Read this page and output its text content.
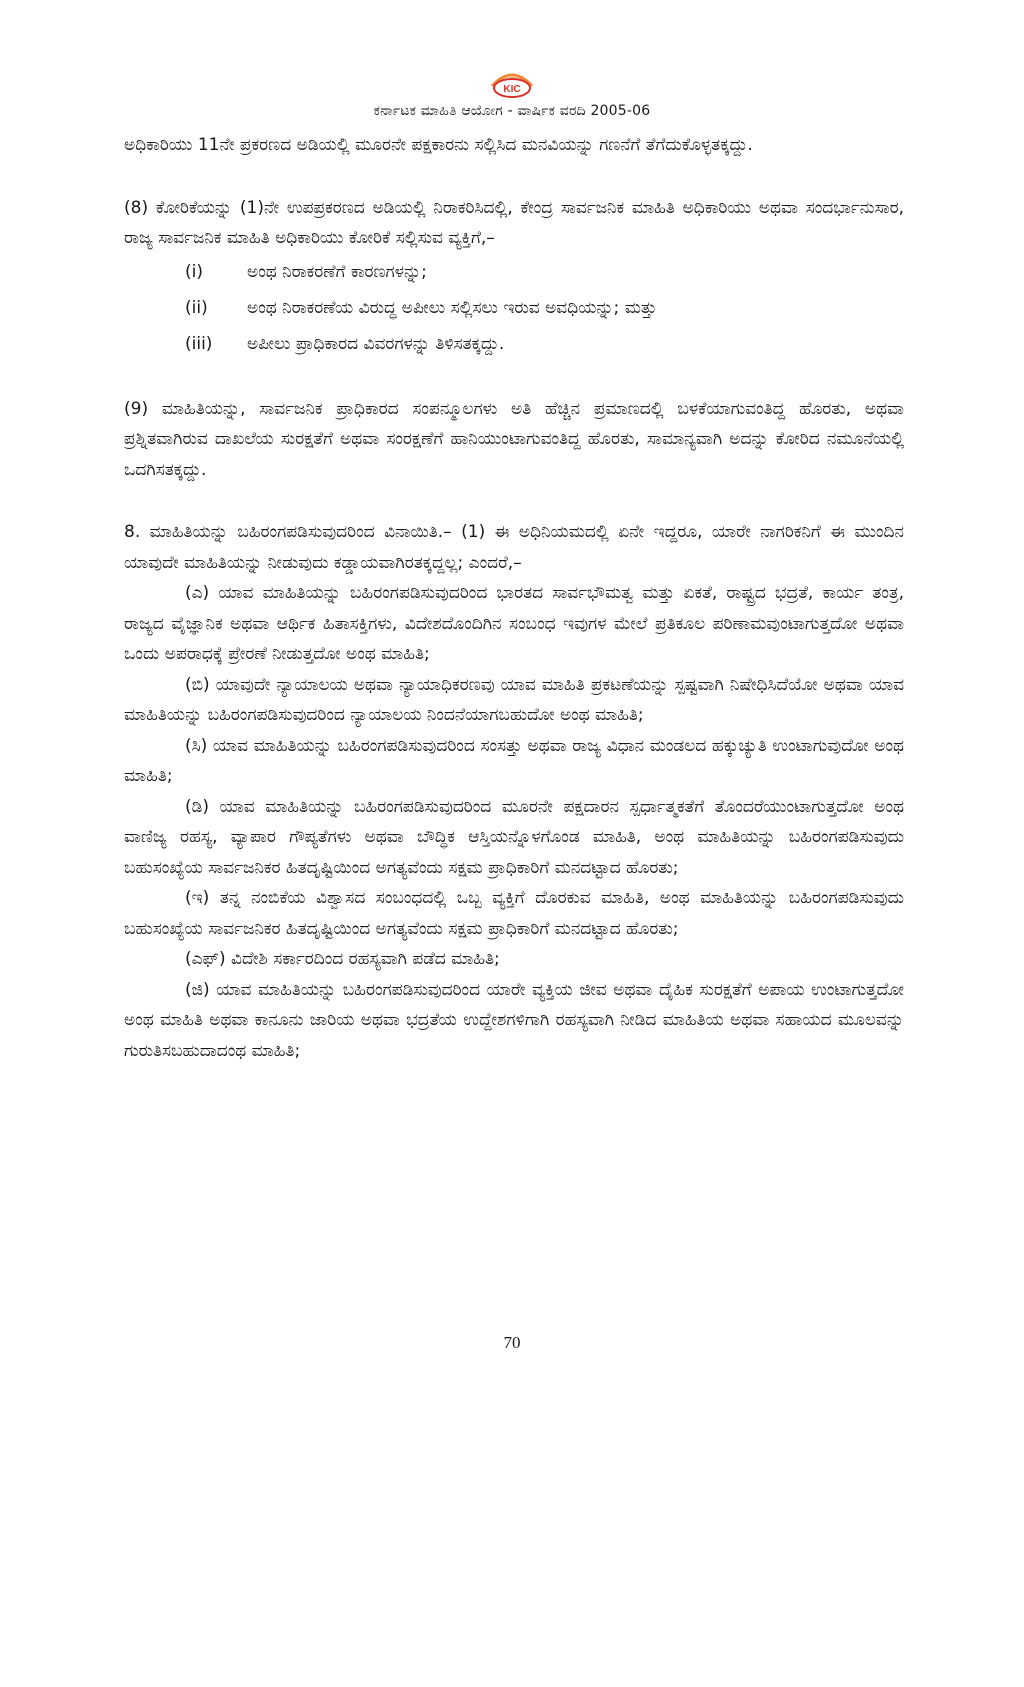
KIC
ಕರ್ನಾಟಕ ಮಾಹಿತಿ ಆಯೋಗ - ವಾರ್ಷಿಕ ವರದಿ 2005-06

ಅಧಿಕಾರಿಯು 11ನೇ ಪ್ರಕರಣದ ಅಡಿಯಲ್ಲಿ ಮೂರನೇ ಪಕ್ಷಕಾರನು ಸಲ್ಲಿಸಿದ ಮನವಿಯನ್ನು ಗಣನೆಗೆ ತೆಗೆದುಕೊಳ್ಳತಕ್ಕದ್ದು.

(8) ಕೋರಿಕೆಯನ್ನು (1)ನೇ ಉಪಪ್ರಕರಣದ ಅಡಿಯಲ್ಲಿ ನಿರಾಕರಿಸಿದಲ್ಲಿ, ಕೇಂದ್ರ ಸಾರ್ವಜನಿಕ ಮಾಹಿತಿ ಅಧಿಕಾರಿಯು ಅಥವಾ ಸಂದರ್ಭಾನುಸಾರ, ರಾಜ್ಯ ಸಾರ್ವಜನಿಕ ಮಾಹಿತಿ ಅಧಿಕಾರಿಯು ಕೋರಿಕೆ ಸಲ್ಲಿಸುವ ವ್ಯಕ್ತಿಗೆ,–

(i)	ಅಂಥ ನಿರಾಕರಣೆಗೆ ಕಾರಣಗಳನ್ನು;
(ii)	ಅಂಥ ನಿರಾಕರಣೆಯ ವಿರುದ್ಧ ಅಪೀಲು ಸಲ್ಲಿಸಲು ಇರುವ ಅವಧಿಯನ್ನು; ಮತ್ತು
(iii)	ಅಪೀಲು ಪ್ರಾಧಿಕಾರದ ವಿವರಗಳನ್ನು ತಿಳಿಸತಕ್ಕದ್ದು.

(9) ಮಾಹಿತಿಯನ್ನು, ಸಾರ್ವಜನಿಕ ಪ್ರಾಧಿಕಾರದ ಸಂಪನ್ಮೂಲಗಳು ಅತಿ ಹೆಚ್ಚಿನ ಪ್ರಮಾಣದಲ್ಲಿ ಬಳಕೆಯಾಗುವಂತಿದ್ದ ಹೊರತು, ಅಥವಾ ಪ್ರಶ್ನಿತವಾಗಿರುವ ದಾಖಲೆಯ ಸುರಕ್ಷತೆಗೆ ಅಥವಾ ಸಂರಕ್ಷಣೆಗೆ ಹಾನಿಯುಂಟಾಗುವಂತಿದ್ದ ಹೊರತು, ಸಾಮಾನ್ಯವಾಗಿ ಅದನ್ನು ಕೋರಿದ ನಮೂನೆಯಲ್ಲಿ ಒದಗಿಸತಕ್ಕದ್ದು.

8. ಮಾಹಿತಿಯನ್ನು ಬಹಿರಂಗಪಡಿಸುವುದರಿಂದ ವಿನಾಯಿತಿ.– (1) ಈ ಅಧಿನಿಯಮದಲ್ಲಿ ಏನೇ ಇದ್ದರೂ, ಯಾರೇ ನಾಗರಿಕನಿಗೆ ಈ ಮುಂದಿನ ಯಾವುದೇ ಮಾಹಿತಿಯನ್ನು ನೀಡುವುದು ಕಡ್ಡಾಯವಾಗಿರತಕ್ಕದ್ದಲ್ಲ; ಎಂದರೆ,–

(ಎ) ಯಾವ ಮಾಹಿತಿಯನ್ನು ಬಹಿರಂಗಪಡಿಸುವುದರಿಂದ ಭಾರತದ ಸಾರ್ವಭೌಮತ್ವ ಮತ್ತು ಏಕತೆ, ರಾಷ್ಟ್ರದ ಭದ್ರತೆ, ಕಾರ್ಯ ತಂತ್ರ, ರಾಜ್ಯದ ವೈಜ್ಞಾನಿಕ ಅಥವಾ ಆರ್ಥಿಕ ಹಿತಾಸಕ್ತಿಗಳು, ವಿದೇಶದೊಂದಿಗಿನ ಸಂಬಂಧ ಇವುಗಳ ಮೇಲೆ ಪ್ರತಿಕೂಲ ಪರಿಣಾಮವುಂಟಾಗುತ್ತದೋ ಅಥವಾ ಒಂದು ಅಪರಾಧಕ್ಕೆ ಪ್ರೇರಣೆ ನೀಡುತ್ತದೋ ಅಂಥ ಮಾಹಿತಿ;

(ಬಿ) ಯಾವುದೇ ನ್ಯಾಯಾಲಯ ಅಥವಾ ನ್ಯಾಯಾಧಿಕರಣವು ಯಾವ ಮಾಹಿತಿ ಪ್ರಕಟಣೆಯನ್ನು ಸ್ಪಷ್ಟವಾಗಿ ನಿಷೇಧಿಸಿದೆಯೋ ಅಥವಾ ಯಾವ ಮಾಹಿತಿಯನ್ನು ಬಹಿರಂಗಪಡಿಸುವುದರಿಂದ ನ್ಯಾಯಾಲಯ ನಿಂದನೆಯಾಗಬಹುದೋ ಅಂಥ ಮಾಹಿತಿ;

(ಸಿ) ಯಾವ ಮಾಹಿತಿಯನ್ನು ಬಹಿರಂಗಪಡಿಸುವುದರಿಂದ ಸಂಸತ್ತು ಅಥವಾ ರಾಜ್ಯ ವಿಧಾನ ಮಂಡಲದ ಹಕ್ಕುಚ್ಯುತಿ ಉಂಟಾಗುವುದೋ ಅಂಥ ಮಾಹಿತಿ;

(ಡಿ) ಯಾವ ಮಾಹಿತಿಯನ್ನು ಬಹಿರಂಗಪಡಿಸುವುದರಿಂದ ಮೂರನೇ ಪಕ್ಷದಾರನ ಸ್ಪರ್ಧಾತ್ಮಕತೆಗೆ ತೊಂದರೆಯುಂಟಾಗುತ್ತದೋ ಅಂಥ ವಾಣಿಜ್ಯ ರಹಸ್ಯ, ವ್ಯಾಪಾರ ಗೌಪ್ಯತೆಗಳು ಅಥವಾ ಬೌದ್ಧಿಕ ಆಸ್ತಿಯನ್ನೊಳಗೊಂಡ ಮಾಹಿತಿ, ಅಂಥ ಮಾಹಿತಿಯನ್ನು ಬಹಿರಂಗಪಡಿಸುವುದು ಬಹುಸಂಖ್ಯೆಯ ಸಾರ್ವಜನಿಕರ ಹಿತದೃಷ್ಟಿಯಿಂದ ಅಗತ್ಯವೆಂದು ಸಕ್ಷಮ ಪ್ರಾಧಿಕಾರಿಗೆ ಮನದಟ್ಟಾದ ಹೊರತು;

(ಇ) ತನ್ನ ನಂಬಿಕೆಯ ವಿಶ್ವಾಸದ ಸಂಬಂಧದಲ್ಲಿ ಒಬ್ಬ ವ್ಯಕ್ತಿಗೆ ದೊರಕುವ ಮಾಹಿತಿ, ಅಂಥ ಮಾಹಿತಿಯನ್ನು ಬಹಿರಂಗಪಡಿಸುವುದು ಬಹುಸಂಖ್ಯೆಯ ಸಾರ್ವಜನಿಕರ ಹಿತದೃಷ್ಟಿಯಿಂದ ಅಗತ್ಯವೆಂದು ಸಕ್ಷಮ ಪ್ರಾಧಿಕಾರಿಗೆ ಮನದಟ್ಟಾದ ಹೊರತು;

(ಎಫ್) ವಿದೇಶಿ ಸರ್ಕಾರದಿಂದ ರಹಸ್ಯವಾಗಿ ಪಡೆದ ಮಾಹಿತಿ;

(ಜಿ) ಯಾವ ಮಾಹಿತಿಯನ್ನು ಬಹಿರಂಗಪಡಿಸುವುದರಿಂದ ಯಾರೇ ವ್ಯಕ್ತಿಯ ಜೀವ ಅಥವಾ ದೈಹಿಕ ಸುರಕ್ಷತೆಗೆ ಅಪಾಯ ಉಂಟಾಗುತ್ತದೋ ಅಂಥ ಮಾಹಿತಿ ಅಥವಾ ಕಾನೂನು ಜಾರಿಯ ಅಥವಾ ಭದ್ರತೆಯ ಉದ್ದೇಶಗಳಿಗಾಗಿ ರಹಸ್ಯವಾಗಿ ನೀಡಿದ ಮಾಹಿತಿಯ ಅಥವಾ ಸಹಾಯದ ಮೂಲವನ್ನು ಗುರುತಿಸಬಹುದಾದಂಥ ಮಾಹಿತಿ;

70
